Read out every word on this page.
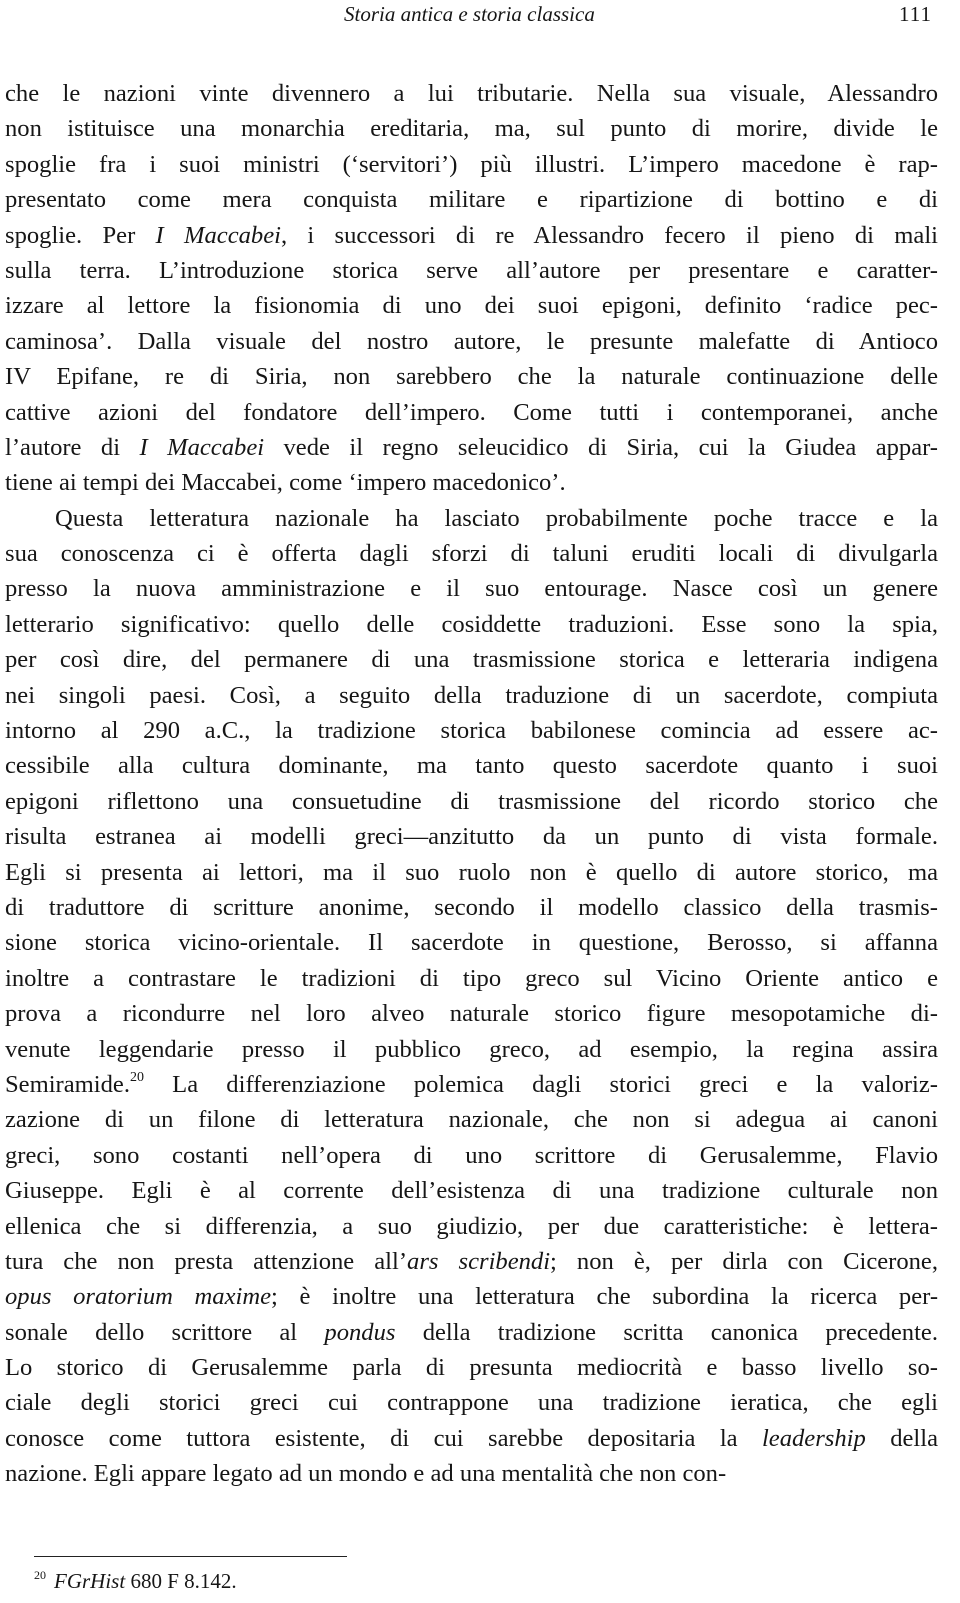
Storia antica e storia classica	111
che le nazioni vinte divennero a lui tributarie. Nella sua visuale, Alessandro
non istituisce una monarchia ereditaria, ma, sul punto di morire, divide le
spoglie fra i suoi ministri (‘servitori’) più illustri. L’impero macedone è rap-
presentato come mera conquista militare e ripartizione di bottino e di
spoglie. Per I Maccabei, i successori di re Alessandro fecero il pieno di mali
sulla terra. L’introduzione storica serve all’autore per presentare e caratter-
izzare al lettore la fisionomia di uno dei suoi epigoni, definito ‘radice pec-
caminosa’. Dalla visuale del nostro autore, le presunte malefatte di Antioco
IV Epifane, re di Siria, non sarebbero che la naturale continuazione delle
cattive azioni del fondatore dell’impero. Come tutti i contemporanei, anche
l’autore di I Maccabei vede il regno seleucidico di Siria, cui la Giudea appar-
tiene ai tempi dei Maccabei, come ‘impero macedonico’.
Questa letteratura nazionale ha lasciato probabilmente poche tracce e la
sua conoscenza ci è offerta dagli sforzi di taluni eruditi locali di divulgarla
presso la nuova amministrazione e il suo entourage. Nasce così un genere
letterario significativo: quello delle cosiddette traduzioni. Esse sono la spia,
per così dire, del permanere di una trasmissione storica e letteraria indigena
nei singoli paesi. Così, a seguito della traduzione di un sacerdote, compiuta
intorno al 290 a.C., la tradizione storica babilonese comincia ad essere ac-
cessibile alla cultura dominante, ma tanto questo sacerdote quanto i suoi
epigoni riflettono una consuetudine di trasmissione del ricordo storico che
risulta estranea ai modelli greci—anzitutto da un punto di vista formale.
Egli si presenta ai lettori, ma il suo ruolo non è quello di autore storico, ma
di traduttore di scritture anonime, secondo il modello classico della trasmis-
sione storica vicino-orientale. Il sacerdote in questione, Berosso, si affanna
inoltre a contrastare le tradizioni di tipo greco sul Vicino Oriente antico e
prova a ricondurre nel loro alveo naturale storico figure mesopotamiche di-
venute leggendarie presso il pubblico greco, ad esempio, la regina assira
Semiramide.$^{20}$ La differenziazione polemica dagli storici greci e la valoriz-
zazione di un filone di letteratura nazionale, che non si adegua ai canoni
greci, sono costanti nell’opera di uno scrittore di Gerusalemme, Flavio
Giuseppe. Egli è al corrente dell’esistenza di una tradizione culturale non
ellenica che si differenzia, a suo giudizio, per due caratteristiche: è lettera-
tura che non presta attenzione all’ars scribendi; non è, per dirla con Cicerone,
opus oratorium maxime; è inoltre una letteratura che subordina la ricerca per-
sonale dello scrittore al pondus della tradizione scritta canonica precedente.
Lo storico di Gerusalemme parla di presunta mediocrità e basso livello so-
ciale degli storici greci cui contrappone una tradizione ieratica, che egli
conosce come tuttora esistente, di cui sarebbe depositaria la leadership della
nazione. Egli appare legato ad un mondo e ad una mentalità che non con-
$^{20}$ FGrHist 680 F 8.142.
